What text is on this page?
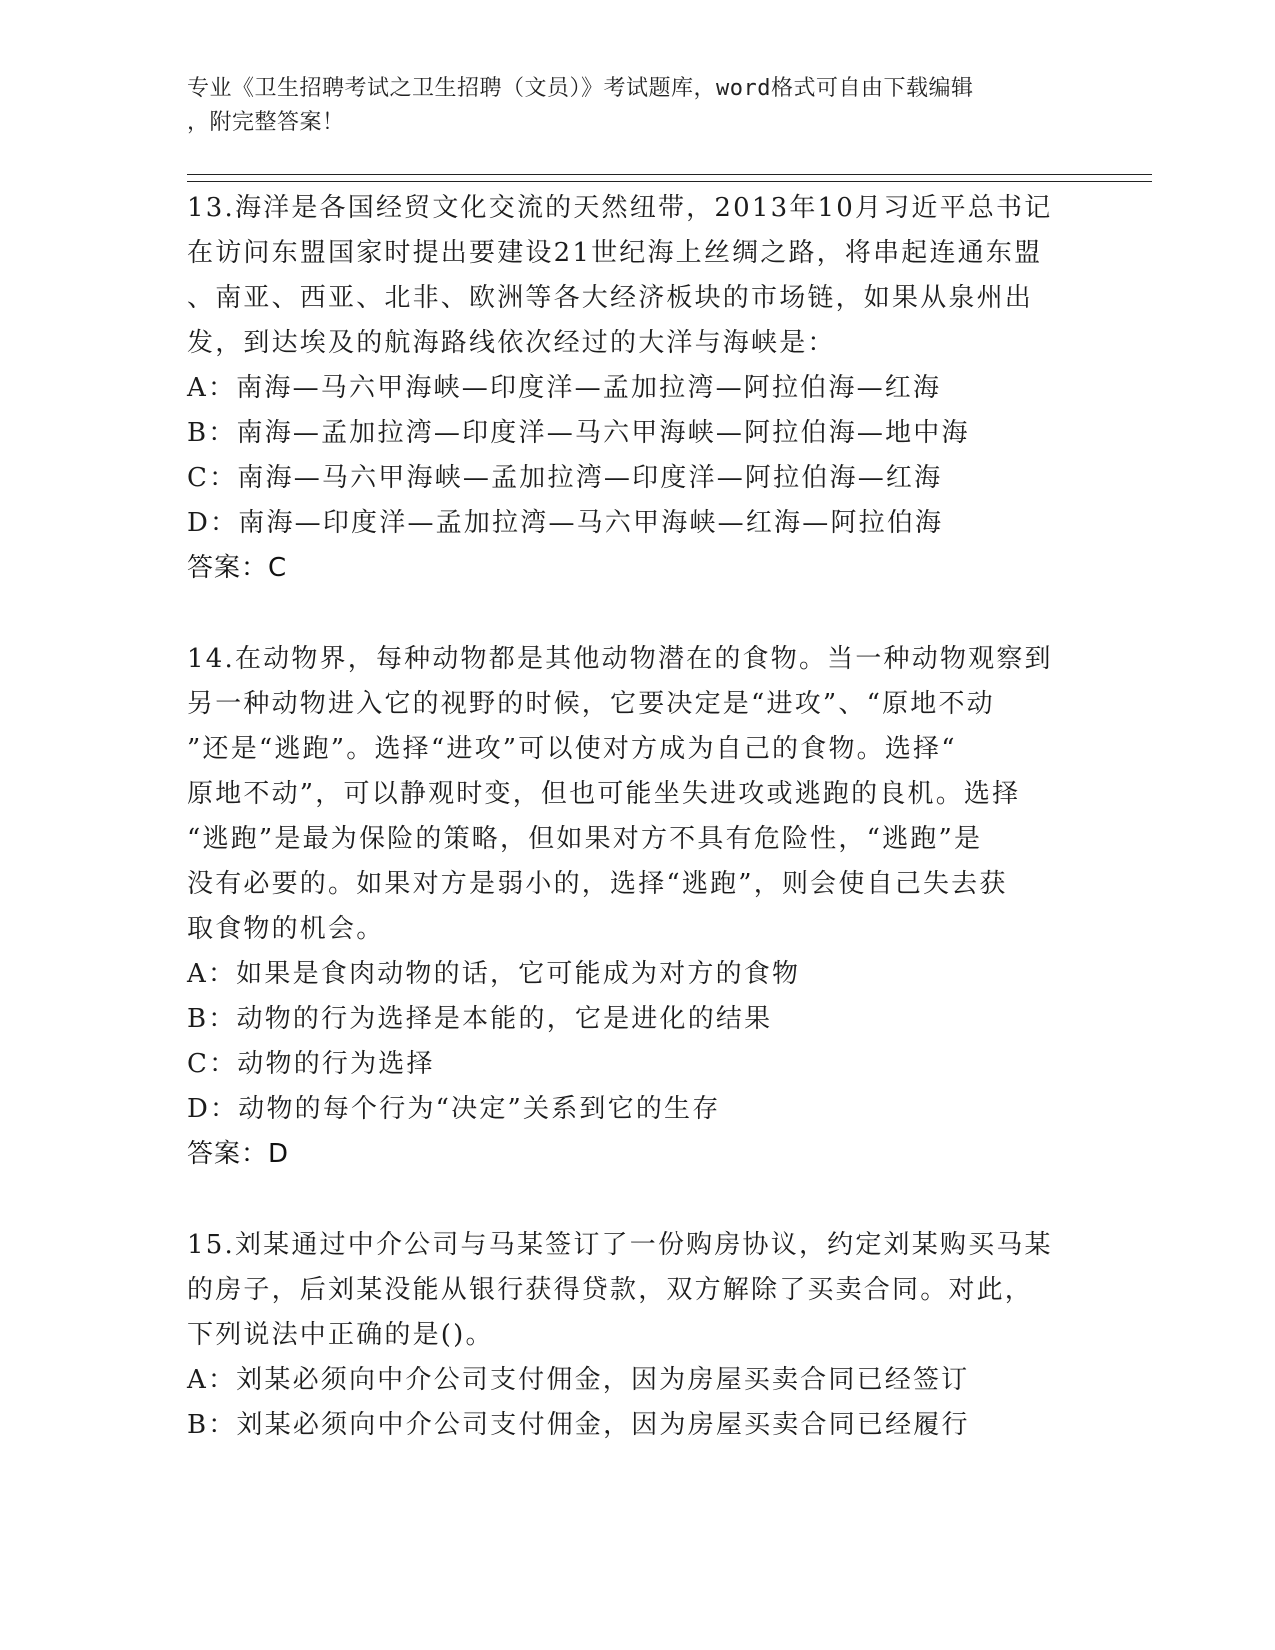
专业《卫生招聘考试之卫生招聘（文员）》考试题库，word格式可自由下载编辑
，附完整答案！
13.海洋是各国经贸文化交流的天然纽带，2013年10月习近平总书记
在访问东盟国家时提出要建设21世纪海上丝绸之路，将串起连通东盟
、南亚、西亚、北非、欧洲等各大经济板块的市场链，如果从泉州出
发，到达埃及的航海路线依次经过的大洋与海峡是：
A：南海—马六甲海峡—印度洋—孟加拉湾—阿拉伯海—红海
B：南海—孟加拉湾—印度洋—马六甲海峡—阿拉伯海—地中海
C：南海—马六甲海峡—孟加拉湾—印度洋—阿拉伯海—红海
D：南海—印度洋—孟加拉湾—马六甲海峡—红海—阿拉伯海
答案：C
14.在动物界，每种动物都是其他动物潜在的食物。当一种动物观察到
另一种动物进入它的视野的时候，它要决定是“进攻”、“原地不动
”还是“逃跑”。选择“进攻”可以使对方成为自己的食物。选择“
原地不动”，可以静观时变，但也可能坐失进攻或逃跑的良机。选择
“逃跑”是最为保险的策略，但如果对方不具有危险性，“逃跑”是
没有必要的。如果对方是弱小的，选择“逃跑”，则会使自己失去获
取食物的机会。
A：如果是食肉动物的话，它可能成为对方的食物
B：动物的行为选择是本能的，它是进化的结果
C：动物的行为选择
D：动物的每个行为“决定”关系到它的生存
答案：D
15.刘某通过中介公司与马某签订了一份购房协议，约定刘某购买马某
的房子，后刘某没能从银行获得贷款，双方解除了买卖合同。对此，
下列说法中正确的是()。
A：刘某必须向中介公司支付佣金，因为房屋买卖合同已经签订
B：刘某必须向中介公司支付佣金，因为房屋买卖合同已经履行
